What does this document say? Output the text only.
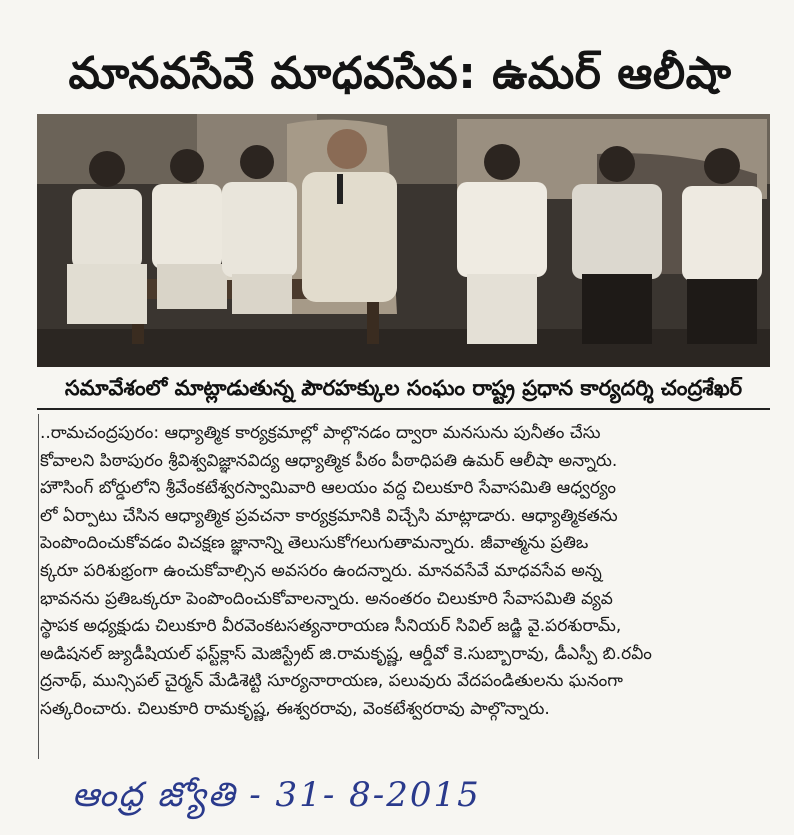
మానవసేవే మాధవసేవ: ఉమర్ ఆలీషా
సమావేశంలో మాట్లాడుతున్న పౌరహక్కుల సంఘం రాష్ట్ర ప్రధాన కార్యదర్శి చంద్రశేఖర్
..రామచంద్రపురం: ఆధ్యాత్మిక కార్యక్రమాల్లో పాల్గొనడం ద్వారా మనసును పునీతం చేసు
కోవాలని పిఠాపురం శ్రీవిశ్వవిజ్ఞానవిద్య ఆధ్యాత్మిక పీఠం పీఠాధిపతి ఉమర్ ఆలీషా అన్నారు.
హౌసింగ్ బోర్డులోని శ్రీవేంకటేశ్వరస్వామివారి ఆలయం వద్ద చిలుకూరి సేవాసమితి ఆధ్వర్యం
లో ఏర్పాటు చేసిన ఆధ్యాత్మిక ప్రవచనా కార్యక్రమానికి విచ్చేసి మాట్లాడారు. ఆధ్యాత్మికతను
పెంపొందించుకోవడం విచక్షణ జ్ఞానాన్ని తెలుసుకోగలుగుతామన్నారు. జీవాత్మను ప్రతిఒ
క్కరూ పరిశుభ్రంగా ఉంచుకోవాల్సిన అవసరం ఉందన్నారు. మానవసేవే మాధవసేవ అన్న
భావనను ప్రతిఒక్కరూ పెంపొందించుకోవాలన్నారు. అనంతరం చిలుకూరి సేవాసమితి వ్యవ
స్థాపక అధ్యక్షుడు చిలుకూరి వీరవెంకటసత్యనారాయణ సీనియర్ సివిల్ జడ్జి వై.పరశురామ్,
అడిషనల్ జ్యుడీషియల్ ఫస్ట్‌క్లాస్ మెజిస్ట్రేట్ జి.రామకృష్ణ, ఆర్డీవో కె.సుబ్బారావు, డీఎస్పీ బి.రవీం
ద్రనాథ్, మున్సిపల్ చైర్మన్ మేడిశెట్టి సూర్యనారాయణ, పలువురు వేదపండితులను ఘనంగా
సత్కరించారు. చిలుకూరి రామకృష్ణ, ఈశ్వరరావు, వెంకటేశ్వరరావు పాల్గొన్నారు.
ఆంధ్ర జ్యోతి - 31- 8-2015
